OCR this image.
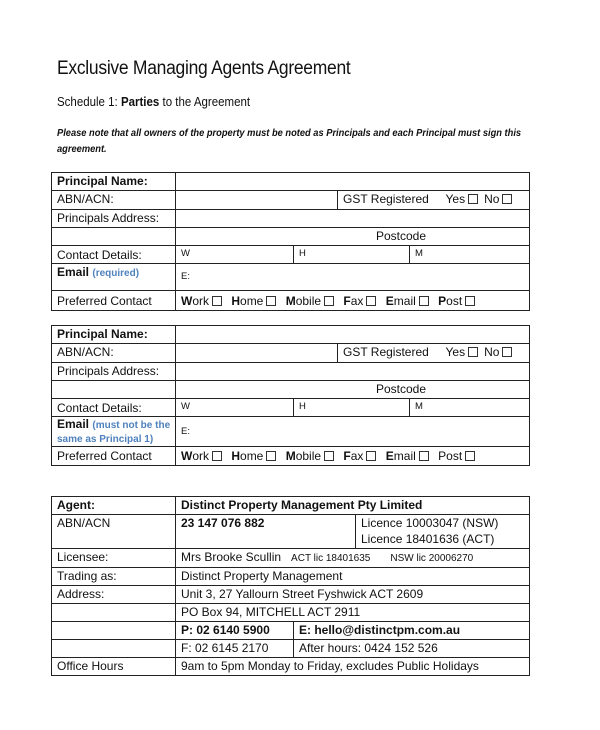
Exclusive Managing Agents Agreement
Schedule 1: Parties to the Agreement
Please note that all owners of the property must be noted as Principals and each Principal must sign this agreement.
Principal Name:				
ABN/ACN:			GST Registered Yes No	
Principals Address:				
	Postcode			
Contact Details:	W	H		M
Email (required)	E:			
Preferred Contact	Work Home Mobile Fax Email Post			
Principal Name:				
ABN/ACN:			GST Registered Yes No	
Principals Address:				
	Postcode			
Contact Details:	W	H		M
Email (must not be the
same as Principal 1)	E:			
Preferred Contact	Work Home Mobile Fax Email Post			
Agent:	Distinct Property Management Pty Limited		
ABN/ACN	23 147 076 882		Licence 10003047 (NSW)
Licence 18401636 (ACT)

Licensee:	Mrs Brooke Scullin ACT lic 18401635 NSW lic 20006270		
Trading as:	Distinct Property Management		
Address:	Unit 3, 27 Yallourn Street Fyshwick ACT 2609		
	PO Box 94, MITCHELL ACT 2911		
	P: 02 6140 5900	E: hello@distinctpm.com.au	
	F: 02 6145 2170	After hours: 0424 152 526	
Office Hours	9am to 5pm Monday to Friday, excludes Public Holidays		
